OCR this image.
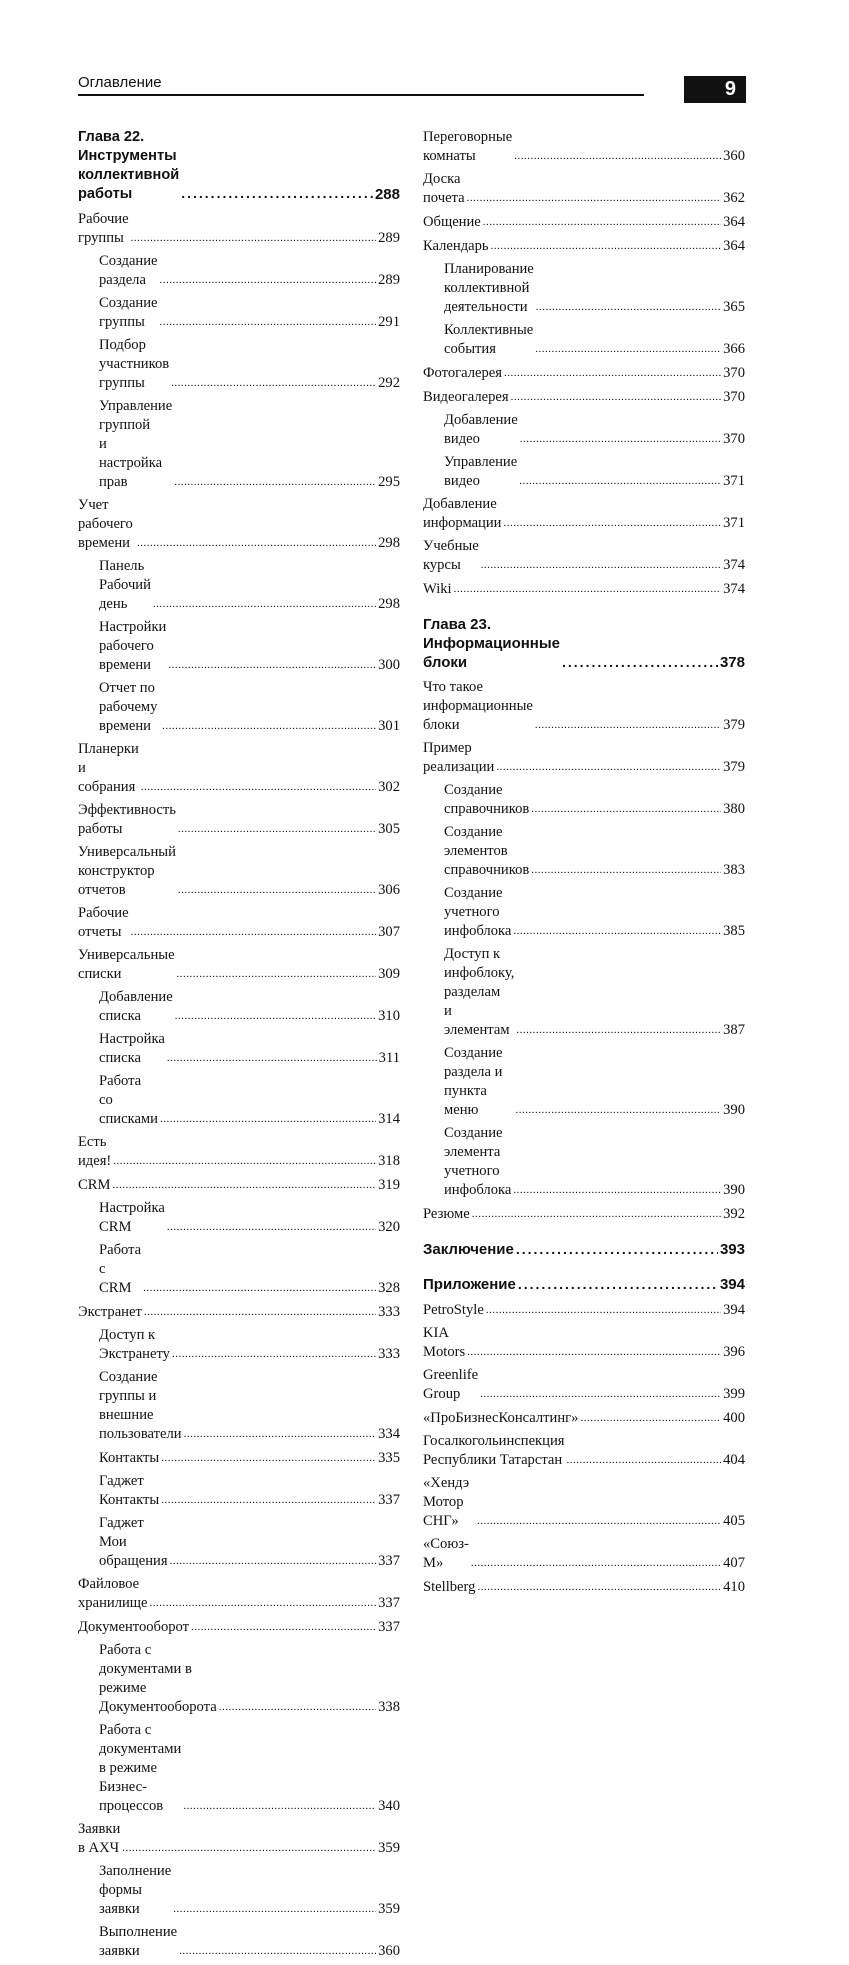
Оглавление	9
Глава 22. Инструменты
коллективной работы .....	288
Рабочие группы .....	289
Создание раздела .....	289
Создание группы .....	291
Подбор участников группы .....	292
Управление группой
и настройка прав .....	295
Учет рабочего времени .....	298
Панель Рабочий день .....	298
Настройки рабочего времени .....	300
Отчет по рабочему времени .....	301
Планерки и собрания .....	302
Эффективность работы .....	305
Универсальный конструктор отчетов .....	306
Рабочие отчеты .....	307
Универсальные списки .....	309
Добавление списка .....	310
Настройка списка .....	311
Работа со списками .....	314
Есть идея! .....	318
CRM .....	319
Настройка CRM .....	320
Работа с CRM .....	328
Экстранет .....	333
Доступ к Экстранету .....	333
Создание группы и внешние
пользователи .....	334
Контакты .....	335
Гаджет Контакты .....	337
Гаджет Мои обращения .....	337
Файловое хранилище .....	337
Документооборот .....	337
Работа с документами в режиме
Документооборота .....	338
Работа с документами в режиме
Бизнес-процессов .....	340
Заявки в АХЧ .....	359
Заполнение формы заявки .....	359
Выполнение заявки .....	360
Переговорные комнаты .....	360
Доска почета .....	362
Общение .....	364
Календарь .....	364
Планирование коллективной
деятельности .....	365
Коллективные события .....	366
Фотогалерея .....	370
Видеогалерея .....	370
Добавление видео .....	370
Управление видео .....	371
Добавление информации .....	371
Учебные курсы .....	374
Wiki .....	374
Глава 23. Информационные
блоки .....	378
Что такое информационные блоки .....	379
Пример реализации .....	379
Создание справочников .....	380
Создание элементов справочников .....	383
Создание учетного инфоблока .....	385
Доступ к инфоблоку, разделам
и элементам .....	387
Создание раздела и пункта меню .....	390
Создание элемента учетного
инфоблока .....	390
Резюме .....	392
Заключение .....	393
Приложение .....	394
PetroStyle .....	394
KIA Motors .....	396
Greenlife Group .....	399
«ПроБизнесКонсалтинг» .....	400
Госалкогольинспекция
Республики Татарстан .....	404
«Хендэ Мотор СНГ» .....	405
«Союз-М» .....	407
Stellberg .....	410
